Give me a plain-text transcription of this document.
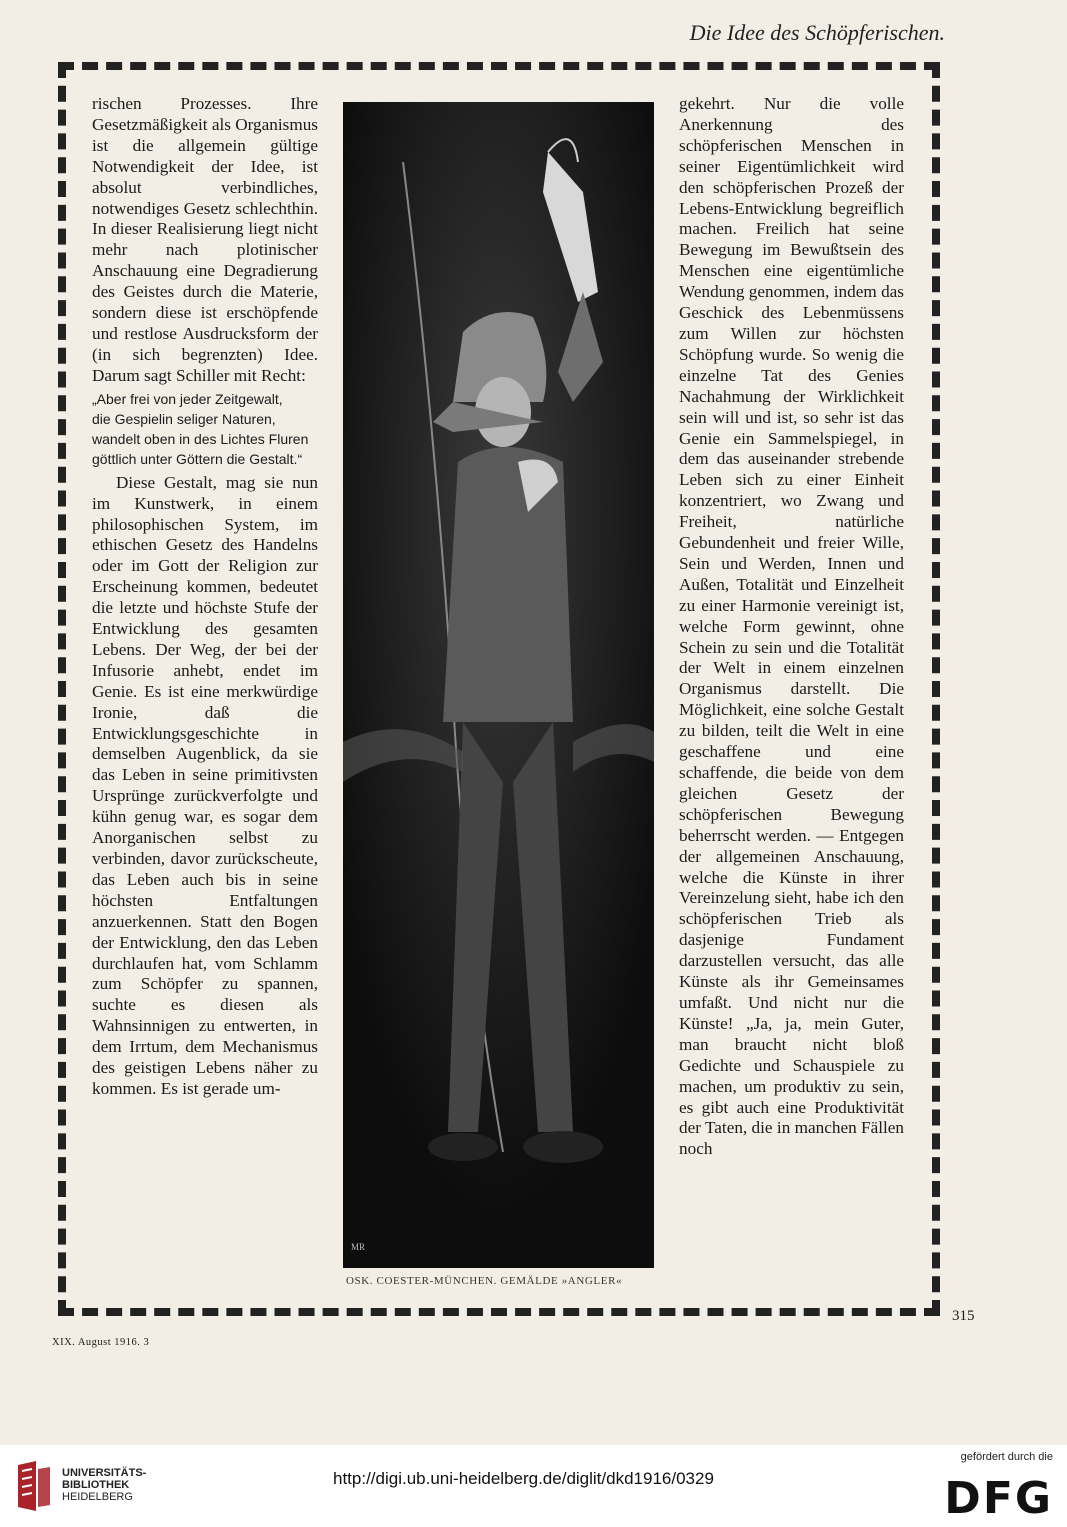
Die Idee des Schöpferischen.

rischen Prozesses. Ihre Gesetzmäßigkeit als Organismus ist die allgemein gültige Notwendigkeit der Idee, ist absolut verbindliches, notwendiges Gesetz schlechthin. In dieser Realisierung liegt nicht mehr nach plotinischer Anschauung eine Degradierung des Geistes durch die Materie, sondern diese ist erschöpfende und restlose Ausdrucksform der (in sich begrenzten) Idee. Darum sagt Schiller mit Recht:

„Aber frei von jeder Zeitgewalt,
die Gespielin seliger Naturen,
wandelt oben in des Lichtes Fluren
göttlich unter Göttern die Gestalt.“

Diese Gestalt, mag sie nun im Kunstwerk, in einem philosophischen System, im ethischen Gesetz des Handelns oder im Gott der Religion zur Erscheinung kommen, bedeutet die letzte und höchste Stufe der Entwicklung des gesamten Lebens. Der Weg, der bei der Infusorie anhebt, endet im Genie. Es ist eine merkwürdige Ironie, daß die Entwicklungsgeschichte in demselben Augenblick, da sie das Leben in seine primitivsten Ursprünge zurückverfolgte und kühn genug war, es sogar dem Anorganischen selbst zu verbinden, davor zurückscheute, das Leben auch bis in seine höchsten Entfaltungen anzuerkennen. Statt den Bogen der Entwicklung, den das Leben durchlaufen hat, vom Schlamm zum Schöpfer zu spannen, suchte es diesen als Wahnsinnigen zu entwerten, in dem Irrtum, dem Mechanismus des geistigen Lebens näher zu kommen. Es ist gerade um-

MR
OSK. COESTER-MÜNCHEN. GEMÄLDE »ANGLER«

gekehrt. Nur die volle Anerkennung des schöpferischen Menschen in seiner Eigentümlichkeit wird den schöpferischen Prozeß der Lebens-Entwicklung begreiflich machen. Freilich hat seine Bewegung im Bewußtsein des Menschen eine eigentümliche Wendung genommen, indem das Geschick des Lebenmüssens zum Willen zur höchsten Schöpfung wurde. So wenig die einzelne Tat des Genies Nachahmung der Wirklichkeit sein will und ist, so sehr ist das Genie ein Sammelspiegel, in dem das auseinander strebende Leben sich zu einer Einheit konzentriert, wo Zwang und Freiheit, natürliche Gebundenheit und freier Wille, Sein und Werden, Innen und Außen, Totalität und Einzelheit zu einer Harmonie vereinigt ist, welche Form gewinnt, ohne Schein zu sein und die Totalität der Welt in einem einzelnen Organismus darstellt. Die Möglichkeit, eine solche Gestalt zu bilden, teilt die Welt in eine geschaffene und eine schaffende, die beide von dem gleichen Gesetz der schöpferischen Bewegung beherrscht werden. — Entgegen der allgemeinen Anschauung, welche die Künste in ihrer Vereinzelung sieht, habe ich den schöpferischen Trieb als dasjenige Fundament darzustellen versucht, das alle Künste als ihr Gemeinsames umfaßt. Und nicht nur die Künste! „Ja, ja, mein Guter, man braucht nicht bloß Gedichte und Schauspiele zu machen, um produktiv zu sein, es gibt auch eine Produktivität der Taten, die in manchen Fällen noch

315
XIX. August 1916. 3
UNIVERSITÄTS-
BIBLIOTHEK
HEIDELBERG
http://digi.ub.uni-heidelberg.de/diglit/dkd1916/0329
gefördert durch die
DFG
